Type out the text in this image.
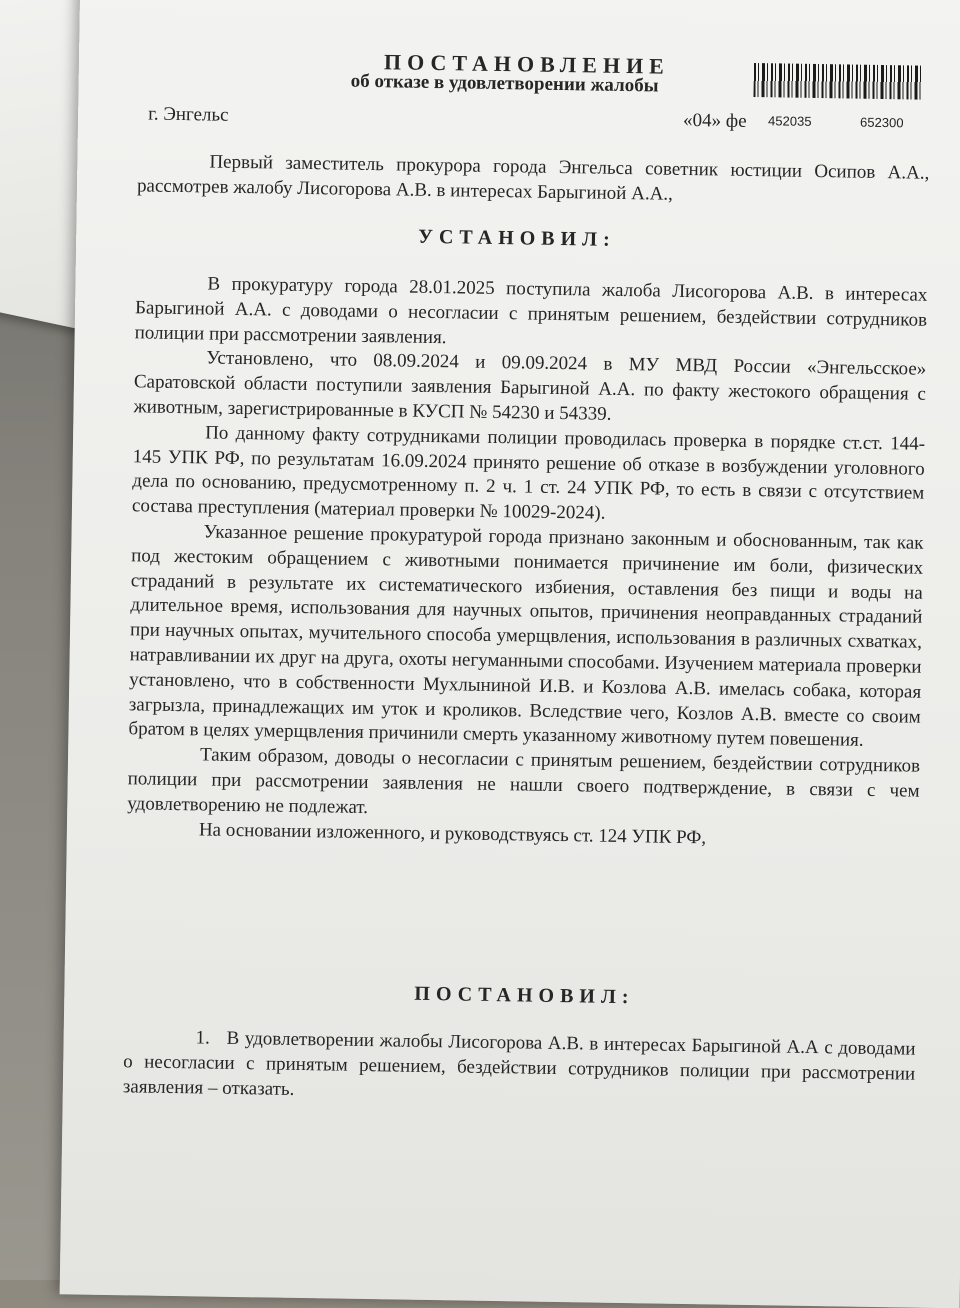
ПОСТАНОВЛЕНИЕ
об отказе в удовлетворении жалобы
452035	652300
г. Энгельс	«04» фе

Первый заместитель прокурора города Энгельса советник юстиции Осипов А.А., рассмотрев жалобу Лисогорова А.В. в интересах Барыгиной А.А.,

УСТАНОВИЛ:

В прокуратуру города 28.01.2025 поступила жалоба Лисогорова А.В. в интересах Барыгиной А.А. с доводами о несогласии с принятым решением, бездействии сотрудников полиции при рассмотрении заявления.

Установлено, что 08.09.2024 и 09.09.2024 в МУ МВД России «Энгельсское» Саратовской области поступили заявления Барыгиной А.А. по факту жестокого обращения с животным, зарегистрированные в КУСП № 54230 и 54339.

По данному факту сотрудниками полиции проводилась проверка в порядке ст.ст. 144-145 УПК РФ, по результатам 16.09.2024 принято решение об отказе в возбуждении уголовного дела по основанию, предусмотренному п. 2 ч. 1 ст. 24 УПК РФ, то есть в связи с отсутствием состава преступления (материал проверки № 10029-2024).

Указанное решение прокуратурой города признано законным и обоснованным, так как под жестоким обращением с животными понимается причинение им боли, физических страданий в результате их систематического избиения, оставления без пищи и воды на длительное время, использования для научных опытов, причинения неоправданных страданий при научных опытах, мучительного способа умерщвления, использования в различных схватках, натравливании их друг на друга, охоты негуманными способами. Изучением материала проверки установлено, что в собственности Мухлыниной И.В. и Козлова А.В. имелась собака, которая загрызла, принадлежащих им уток и кроликов. Вследствие чего, Козлов А.В. вместе со своим братом в целях умерщвления причинили смерть указанному животному путем повешения.

Таким образом, доводы о несогласии с принятым решением, бездействии сотрудников полиции при рассмотрении заявления не нашли своего подтверждение, в связи с чем удовлетворению не подлежат.

На основании изложенного, и руководствуясь ст. 124 УПК РФ,

ПОСТАНОВИЛ:

1.   В удовлетворении жалобы Лисогорова А.В. в интересах Барыгиной А.А с доводами о несогласии с принятым решением, бездействии сотрудников полиции при рассмотрении заявления – отказать.
